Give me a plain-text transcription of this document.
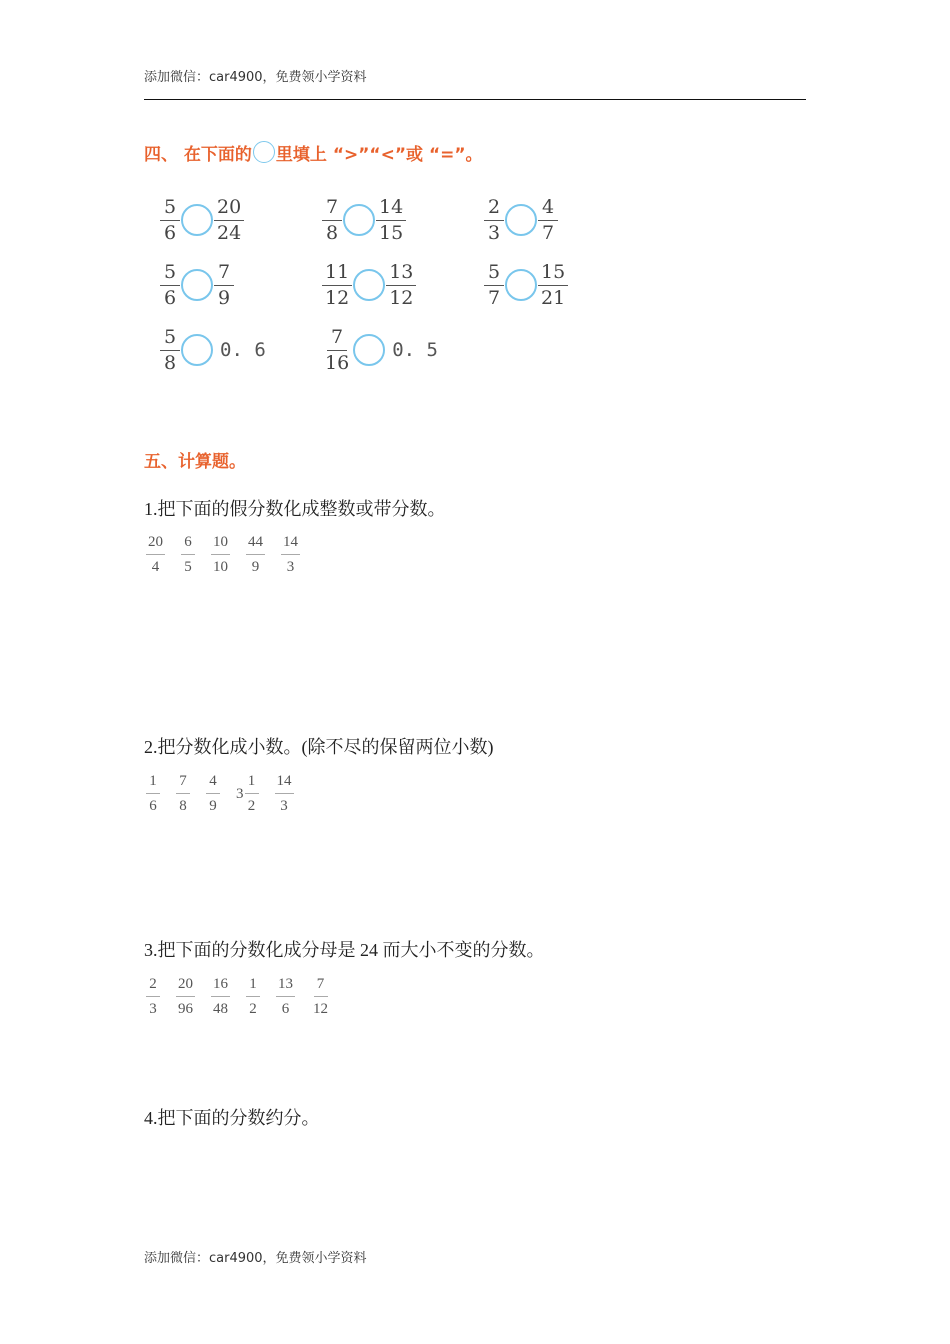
添加微信：car4900，免费领小学资料
四、 在下面的 里填上 “>”“<”或 “=”。
$\frac{5}{6} \frac{20}{24}$	$\frac{7}{8} \frac{14}{15}$	$\frac{2}{3} \frac{4}{7}$
$\frac{5}{6} \frac{7}{9}$	$\frac{11}{12} \frac{13}{12}$	$\frac{5}{7} \frac{15}{21}$
$\frac{5}{8} 0$. 6	$\frac{7}{16} 0$. 5
五、计算题。
1.把下面的假分数化成整数或带分数。
$\frac{20}{4} \frac{6}{5} \frac{10}{10} \frac{44}{9} \frac{14}{3}$
2.把分数化成小数。(除不尽的保留两位小数)
$\frac{1}{6} \frac{7}{8} \frac{4}{9} 3 \frac{1}{2} \frac{14}{3}$
3.把下面的分数化成分母是 24 而大小不变的分数。
$\frac{2}{3} \frac{20}{96} \frac{16}{48} \frac{1}{2} \frac{13}{6} \frac{7}{12}$
4.把下面的分数约分。
添加微信：car4900，免费领小学资料
